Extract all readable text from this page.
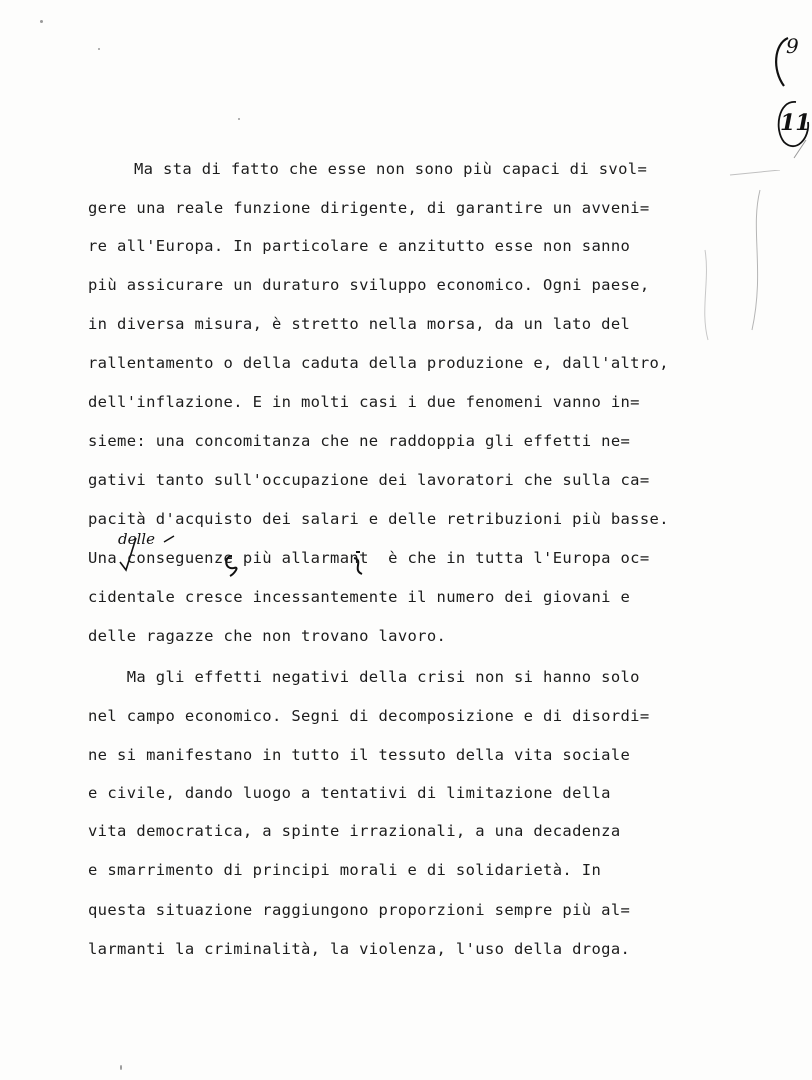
9
11
Ma sta di fatto che esse non sono più capaci di svol=
gere una reale funzione dirigente, di garantire un avveni=
re all'Europa. In particolare e anzitutto esse non sanno
più assicurare un duraturo sviluppo economico. Ogni paese,
in diversa misura, è stretto nella morsa, da un lato del
rallentamento o della caduta della produzione e, dall'altro,
dell'inflazione. E in molti casi i due fenomeni vanno in=
sieme: una concomitanza che ne raddoppia gli effetti ne=
gativi tanto sull'occupazione dei lavoratori che sulla ca=
pacità d'acquisto dei salari e delle retribuzioni più basse.
delle
Una conseguenze più allarmant  è che in tutta l'Europa oc=
cidentale cresce incessantemente il numero dei giovani e
delle ragazze che non trovano lavoro.
Ma gli effetti negativi della crisi non si hanno solo
nel campo economico. Segni di decomposizione e di disordi=
ne si manifestano in tutto il tessuto della vita sociale
e civile, dando luogo a tentativi di limitazione della
vita democratica, a spinte irrazionali, a una decadenza
e smarrimento di principi morali e di solidarietà. In
questa situazione raggiungono proporzioni sempre più al=
larmanti la criminalità, la violenza, l'uso della droga.
